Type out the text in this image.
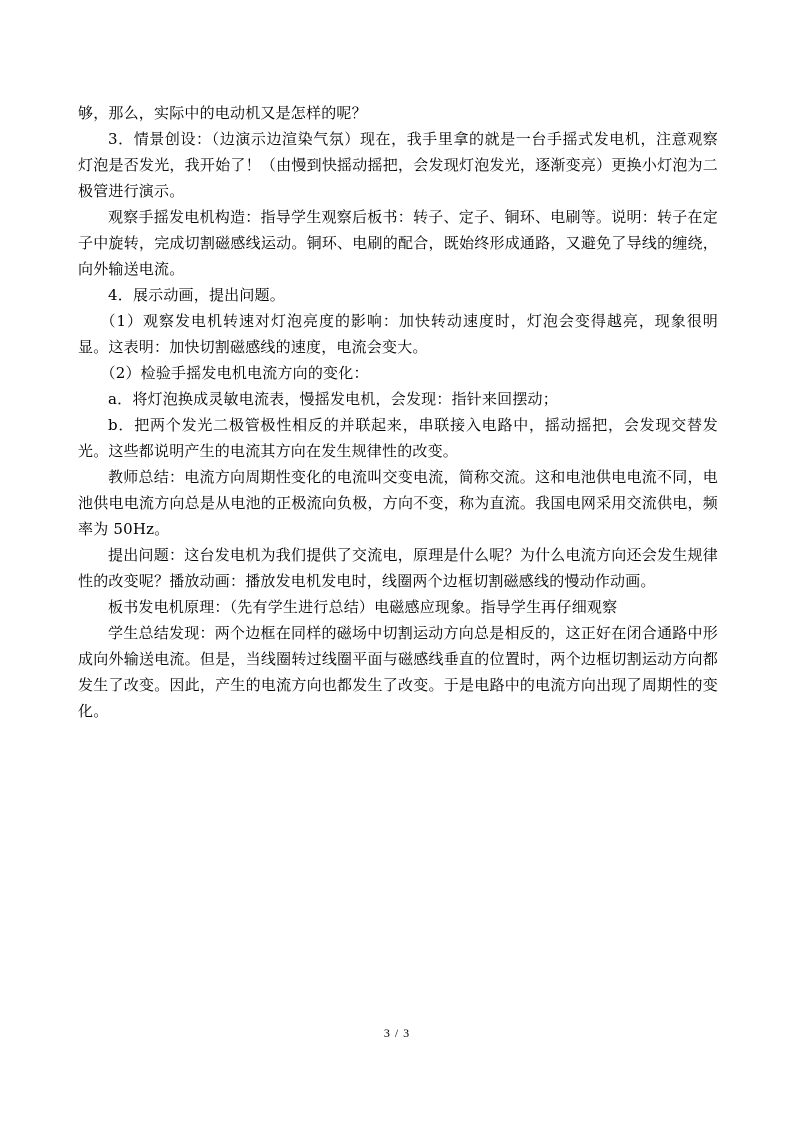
够，那么，实际中的电动机又是怎样的呢？

3．情景创设：（边演示边渲染气氛）现在，我手里拿的就是一台手摇式发电机，注意观察灯泡是否发光，我开始了！（由慢到快摇动摇把，会发现灯泡发光，逐渐变亮）更换小灯泡为二极管进行演示。

观察手摇发电机构造：指导学生观察后板书：转子、定子、铜环、电刷等。说明：转子在定子中旋转，完成切割磁感线运动。铜环、电刷的配合，既始终形成通路，又避免了导线的缠绕，向外输送电流。

4．展示动画，提出问题。

（1）观察发电机转速对灯泡亮度的影响：加快转动速度时，灯泡会变得越亮，现象很明显。这表明：加快切割磁感线的速度，电流会变大。

（2）检验手摇发电机电流方向的变化：

a．将灯泡换成灵敏电流表，慢摇发电机，会发现：指针来回摆动；

b．把两个发光二极管极性相反的并联起来，串联接入电路中，摇动摇把，会发现交替发光。这些都说明产生的电流其方向在发生规律性的改变。

教师总结：电流方向周期性变化的电流叫交变电流，简称交流。这和电池供电电流不同，电池供电电流方向总是从电池的正极流向负极，方向不变，称为直流。我国电网采用交流供电，频率为 50Hz。

提出问题：这台发电机为我们提供了交流电，原理是什么呢？为什么电流方向还会发生规律性的改变呢？播放动画：播放发电机发电时，线圈两个边框切割磁感线的慢动作动画。

板书发电机原理：（先有学生进行总结）电磁感应现象。指导学生再仔细观察

学生总结发现：两个边框在同样的磁场中切割运动方向总是相反的，这正好在闭合通路中形成向外输送电流。但是，当线圈转过线圈平面与磁感线垂直的位置时，两个边框切割运动方向都发生了改变。因此，产生的电流方向也都发生了改变。于是电路中的电流方向出现了周期性的变化。

3 / 3
